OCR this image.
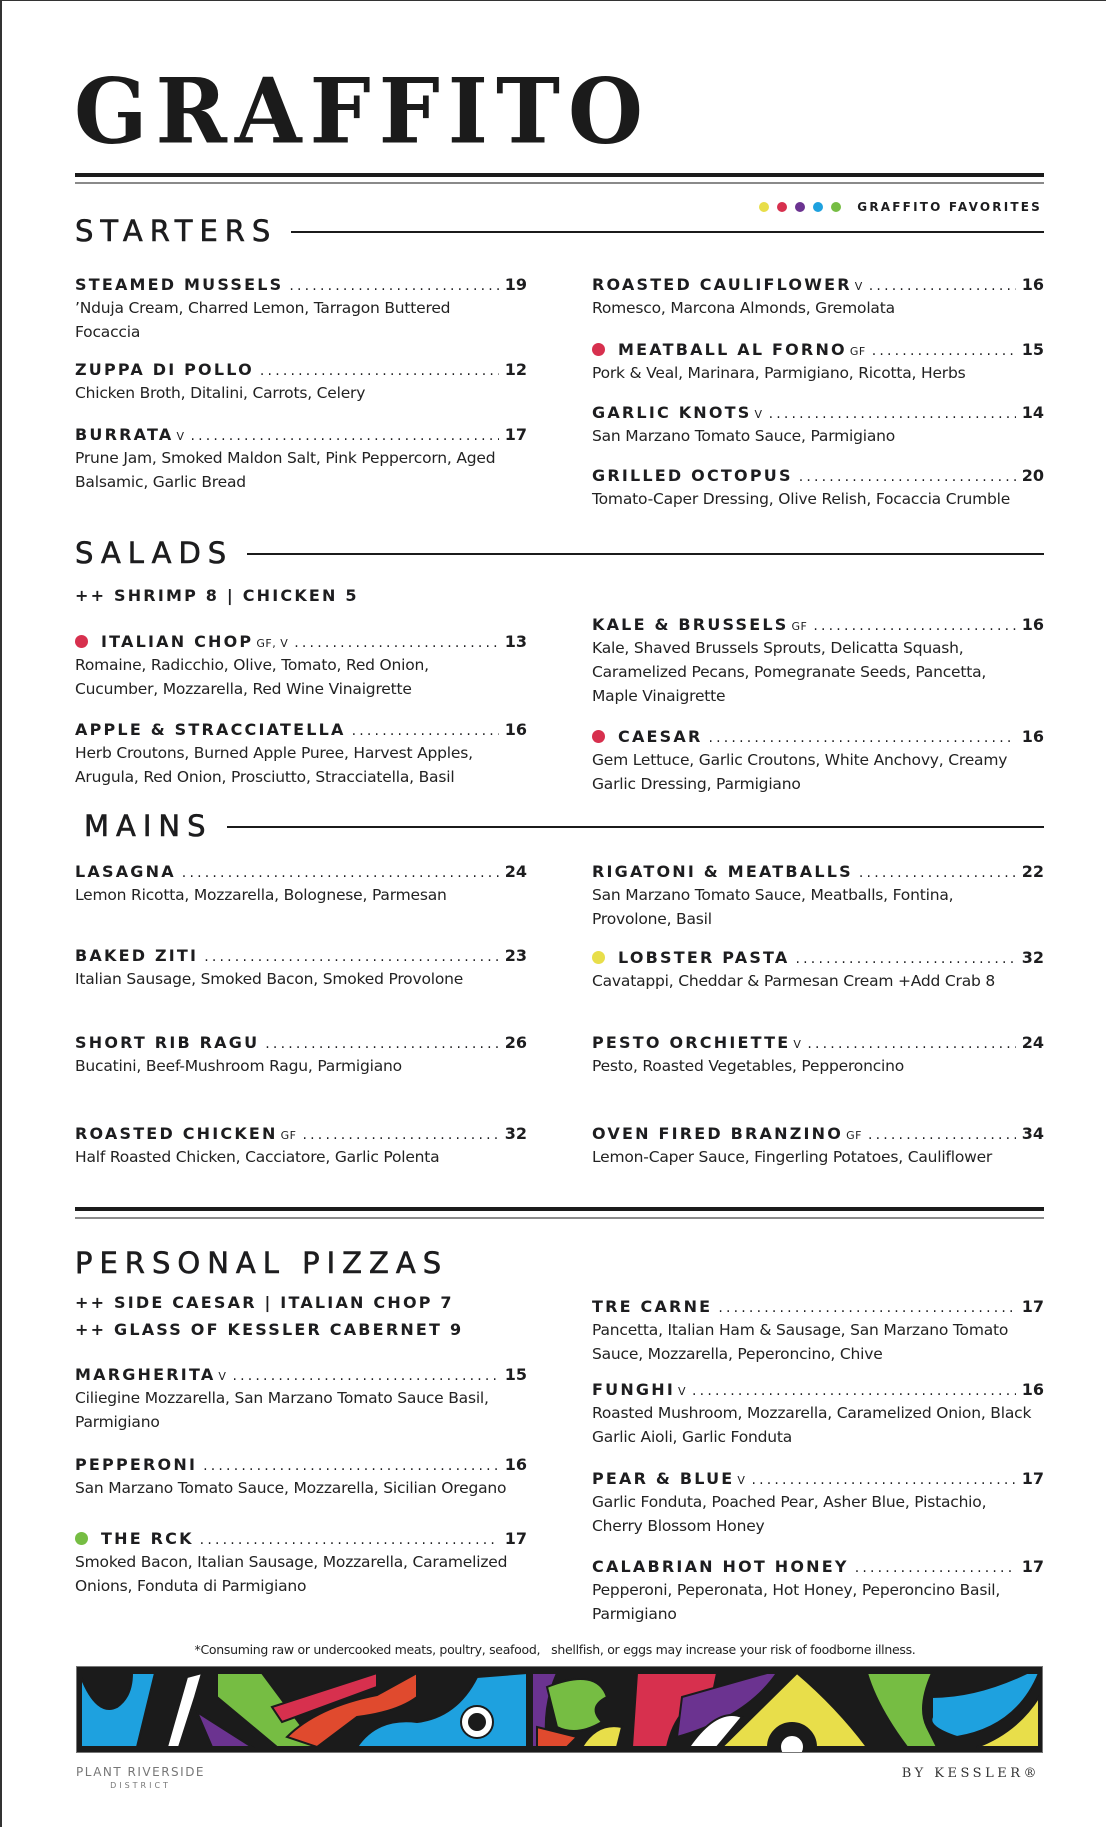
GRAFFITO
GRAFFITO FAVORITES
STARTERS
SALADS
++ SHRIMP 8 | CHICKEN 5
MAINS
PERSONAL PIZZAS
++ SIDE CAESAR | ITALIAN CHOP 7
++ GLASS OF KESSLER CABERNET 9
STEAMED MUSSELS .....	19
’Nduja Cream, Charred Lemon, Tarragon Buttered Focaccia
ZUPPA DI POLLO .....	12
Chicken Broth, Ditalini, Carrots, Celery
BURRATA V .....	17
Prune Jam, Smoked Maldon Salt, Pink Peppercorn, Aged Balsamic, Garlic Bread
ROASTED CAULIFLOWER V .....	16
Romesco, Marcona Almonds, Gremolata
MEATBALL AL FORNO GF .....	15
Pork & Veal, Marinara, Parmigiano, Ricotta, Herbs
GARLIC KNOTS V .....	14
San Marzano Tomato Sauce, Parmigiano
GRILLED OCTOPUS .....	20
Tomato-Caper Dressing, Olive Relish, Focaccia Crumble
ITALIAN CHOP GF, V .....	13
Romaine, Radicchio, Olive, Tomato, Red Onion, Cucumber, Mozzarella, Red Wine Vinaigrette
APPLE & STRACCIATELLA .....	16
Herb Croutons, Burned Apple Puree, Harvest Apples, Arugula, Red Onion, Prosciutto, Stracciatella, Basil
KALE & BRUSSELS GF .....	16
Kale, Shaved Brussels Sprouts, Delicatta Squash, Caramelized Pecans, Pomegranate Seeds, Pancetta, Maple Vinaigrette
CAESAR .....	16
Gem Lettuce, Garlic Croutons, White Anchovy, Creamy Garlic Dressing, Parmigiano
LASAGNA .....	24
Lemon Ricotta, Mozzarella, Bolognese, Parmesan
BAKED ZITI .....	23
Italian Sausage, Smoked Bacon, Smoked Provolone
SHORT RIB RAGU .....	26
Bucatini, Beef-Mushroom Ragu, Parmigiano
ROASTED CHICKEN GF .....	32
Half Roasted Chicken, Cacciatore, Garlic Polenta
RIGATONI & MEATBALLS .....	22
San Marzano Tomato Sauce, Meatballs, Fontina, Provolone, Basil
LOBSTER PASTA .....	32
Cavatappi, Cheddar & Parmesan Cream +Add Crab 8
PESTO ORCHIETTE V .....	24
Pesto, Roasted Vegetables, Pepperoncino
OVEN FIRED BRANZINO GF .....	34
Lemon-Caper Sauce, Fingerling Potatoes, Cauliflower
MARGHERITA V .....	15
Ciliegine Mozzarella, San Marzano Tomato Sauce Basil, Parmigiano
PEPPERONI .....	16
San Marzano Tomato Sauce, Mozzarella, Sicilian Oregano
THE RCK .....	17
Smoked Bacon, Italian Sausage, Mozzarella, Caramelized Onions, Fonduta di Parmigiano
TRE CARNE .....	17
Pancetta, Italian Ham & Sausage, San Marzano Tomato Sauce, Mozzarella, Peperoncino, Chive
FUNGHI V .....	16
Roasted Mushroom, Mozzarella, Caramelized Onion, Black Garlic Aioli, Garlic Fonduta
PEAR & BLUE V .....	17
Garlic Fonduta, Poached Pear, Asher Blue, Pistachio, Cherry Blossom Honey
CALABRIAN HOT HONEY .....	17
Pepperoni, Peperonata, Hot Honey, Peperoncino Basil, Parmigiano
*Consuming raw or undercooked meats, poultry, seafood,   shellfish, or eggs may increase your risk of foodborne illness.
PLANT RIVERSIDE
DISTRICT
BY KESSLER®
